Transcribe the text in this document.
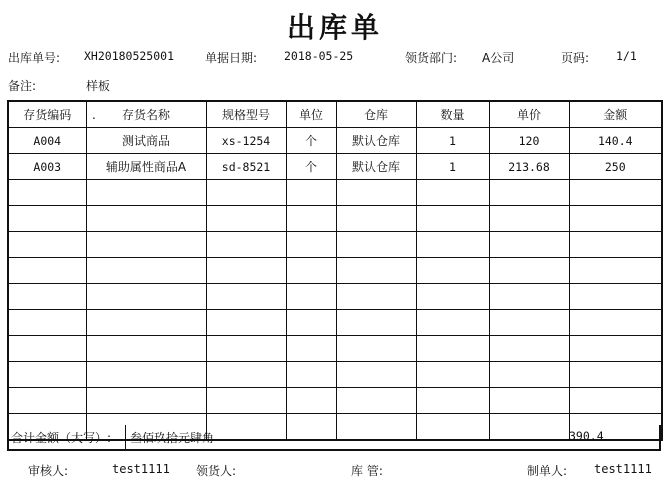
出库单
出库单号: XH20180525001	单据日期: 2018-05-25	领货部门: A公司	页码: 1/1
备注:	样板
存货编码	存货名称	规格型号	单位	仓库	数量	单价	金额
A004	测试商品	xs-1254	个	默认仓库	1	120	140.4
A003	辅助属性商品A	sd-8521	个	默认仓库	1	213.68	250

.
合计金额（大写）: 叁佰玖拾元肆角	390.4
审核人:	test1111 领货人:	库 管:	制单人: test1111
